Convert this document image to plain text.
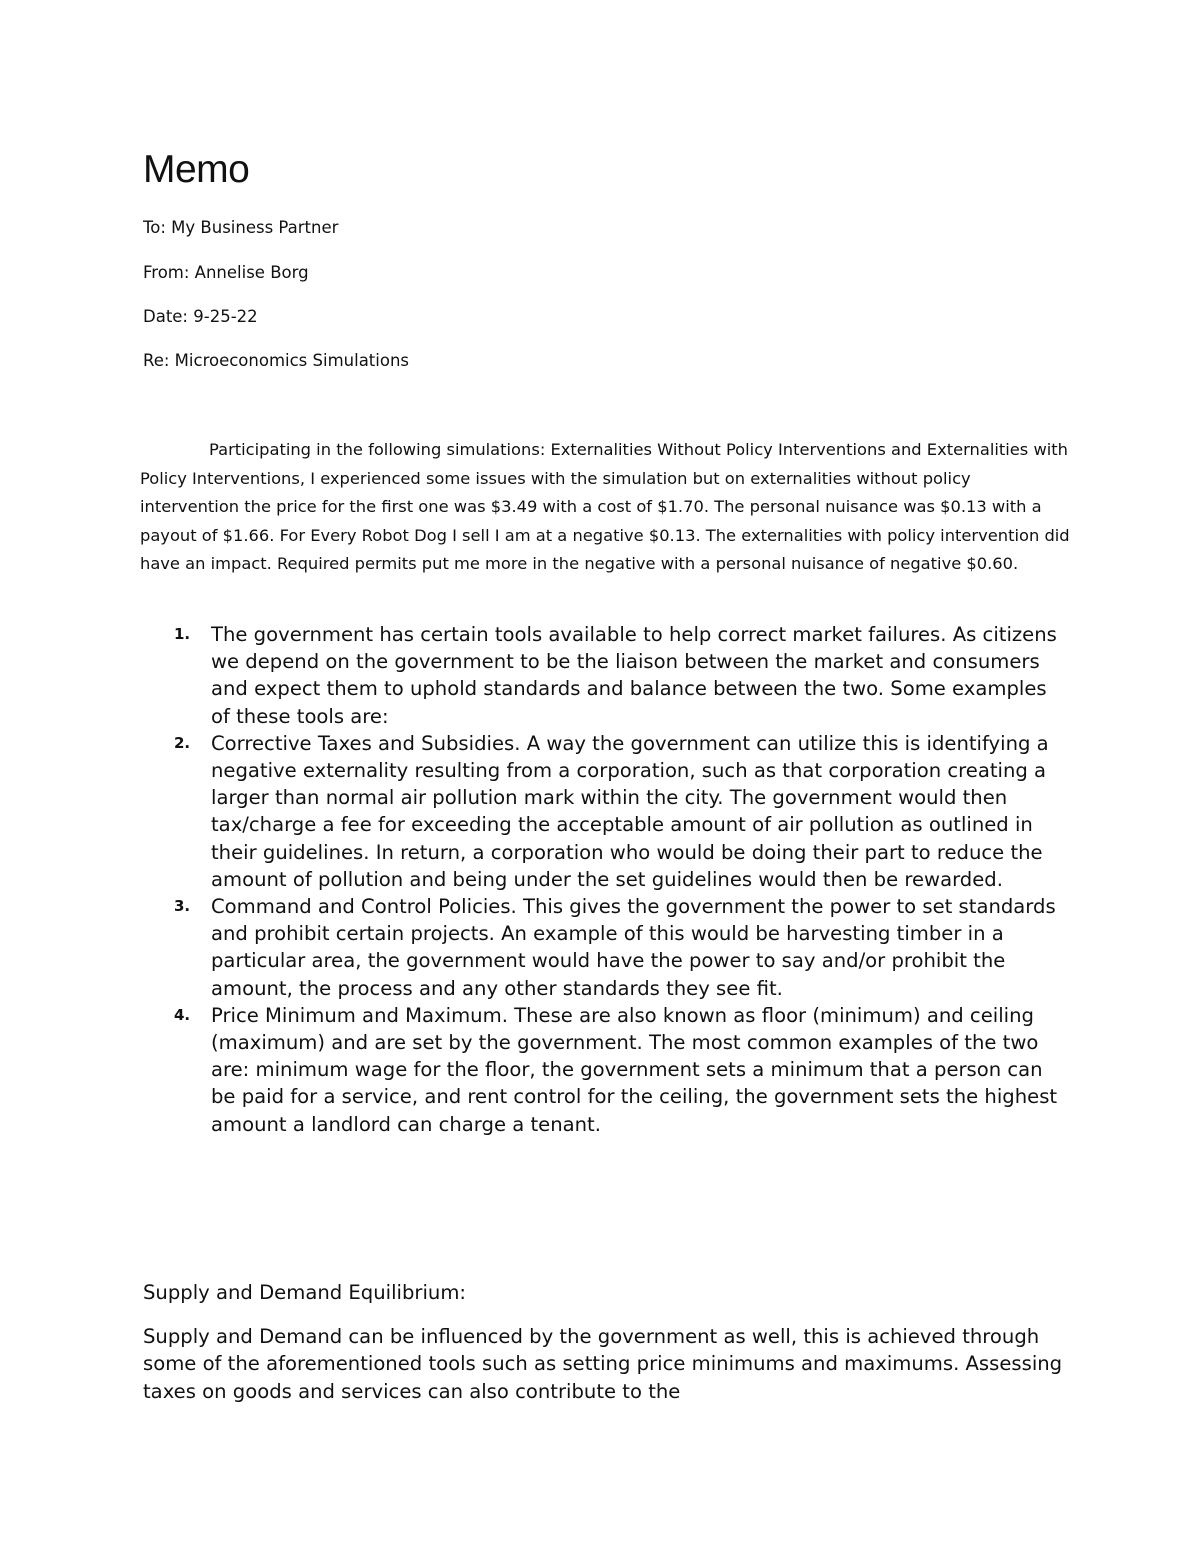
Memo

To: My Business Partner

From: Annelise Borg

Date: 9-25-22

Re: Microeconomics Simulations

Participating in the following simulations: Externalities Without Policy Interventions and Externalities with Policy Interventions, I experienced some issues with the simulation but on externalities without policy intervention the price for the first one was $3.49 with a cost of $1.70. The personal nuisance was $0.13 with a payout of $1.66. For Every Robot Dog I sell I am at a negative $0.13. The externalities with policy intervention did have an impact. Required permits put me more in the negative with a personal nuisance of negative $0.60.

1. The government has certain tools available to help correct market failures. As citizens we depend on the government to be the liaison between the market and consumers and expect them to uphold standards and balance between the two. Some examples of these tools are:
2. Corrective Taxes and Subsidies. A way the government can utilize this is identifying a negative externality resulting from a corporation, such as that corporation creating a larger than normal air pollution mark within the city. The government would then tax/charge a fee for exceeding the acceptable amount of air pollution as outlined in their guidelines. In return, a corporation who would be doing their part to reduce the amount of pollution and being under the set guidelines would then be rewarded.
3. Command and Control Policies. This gives the government the power to set standards and prohibit certain projects. An example of this would be harvesting timber in a particular area, the government would have the power to say and/or prohibit the amount, the process and any other standards they see fit.
4. Price Minimum and Maximum. These are also known as floor (minimum) and ceiling (maximum) and are set by the government. The most common examples of the two are: minimum wage for the floor, the government sets a minimum that a person can be paid for a service, and rent control for the ceiling, the government sets the highest amount a landlord can charge a tenant.

Supply and Demand Equilibrium:

Supply and Demand can be influenced by the government as well, this is achieved through some of the aforementioned tools such as setting price minimums and maximums. Assessing taxes on goods and services can also contribute to the
